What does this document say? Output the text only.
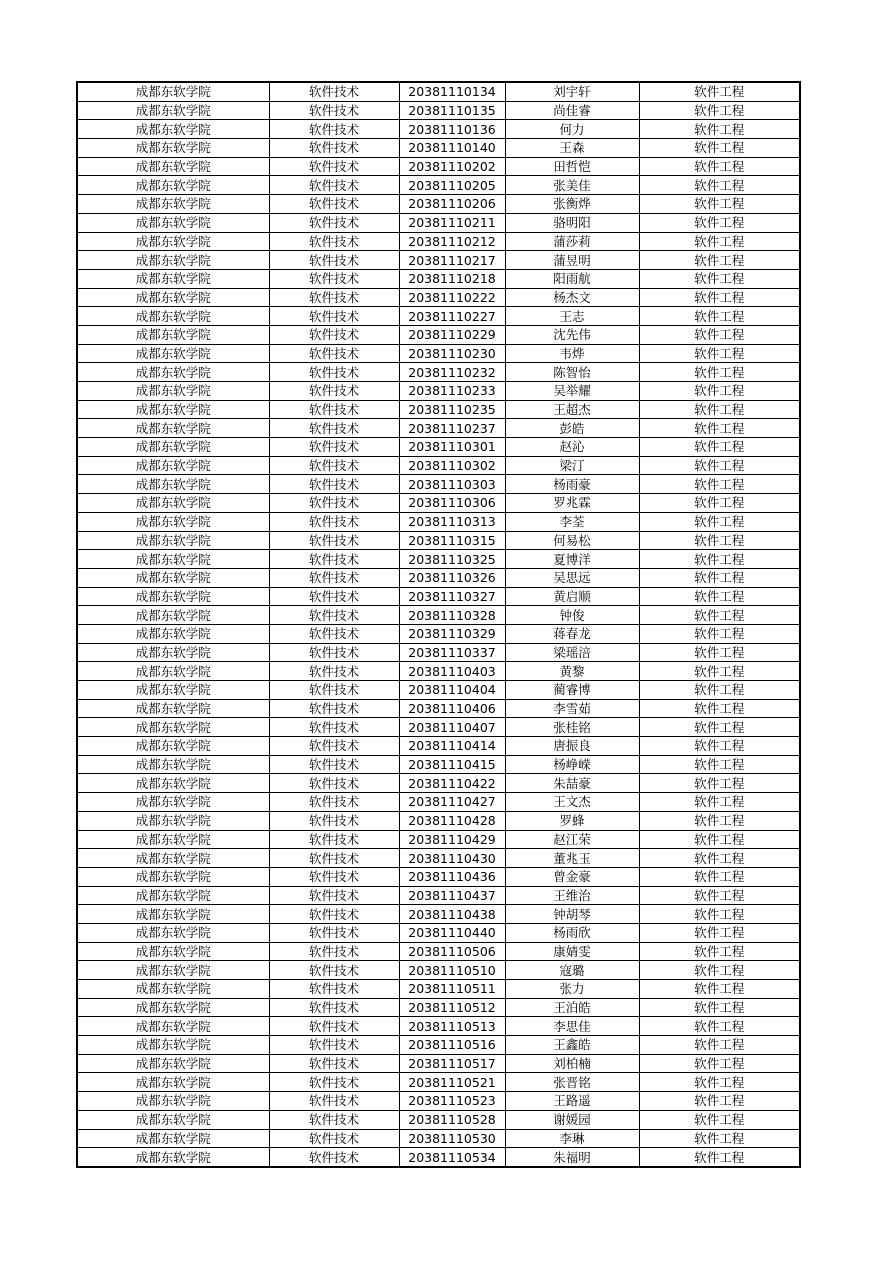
成都东软学院	软件技术	20381110134	刘宇轩	软件工程
成都东软学院	软件技术	20381110135	尚佳睿	软件工程
成都东软学院	软件技术	20381110136	何力	软件工程
成都东软学院	软件技术	20381110140	王森	软件工程
成都东软学院	软件技术	20381110202	田哲恺	软件工程
成都东软学院	软件技术	20381110205	张美佳	软件工程
成都东软学院	软件技术	20381110206	张衡烨	软件工程
成都东软学院	软件技术	20381110211	骆明阳	软件工程
成都东软学院	软件技术	20381110212	蒲莎莉	软件工程
成都东软学院	软件技术	20381110217	蒲昱明	软件工程
成都东软学院	软件技术	20381110218	阳雨航	软件工程
成都东软学院	软件技术	20381110222	杨杰文	软件工程
成都东软学院	软件技术	20381110227	王志	软件工程
成都东软学院	软件技术	20381110229	沈先伟	软件工程
成都东软学院	软件技术	20381110230	韦烨	软件工程
成都东软学院	软件技术	20381110232	陈智怡	软件工程
成都东软学院	软件技术	20381110233	吴举耀	软件工程
成都东软学院	软件技术	20381110235	王超杰	软件工程
成都东软学院	软件技术	20381110237	彭皓	软件工程
成都东软学院	软件技术	20381110301	赵沁	软件工程
成都东软学院	软件技术	20381110302	梁汀	软件工程
成都东软学院	软件技术	20381110303	杨雨豪	软件工程
成都东软学院	软件技术	20381110306	罗兆霖	软件工程
成都东软学院	软件技术	20381110313	李荃	软件工程
成都东软学院	软件技术	20381110315	何易松	软件工程
成都东软学院	软件技术	20381110325	夏博洋	软件工程
成都东软学院	软件技术	20381110326	吴思远	软件工程
成都东软学院	软件技术	20381110327	黄启顺	软件工程
成都东软学院	软件技术	20381110328	钟俊	软件工程
成都东软学院	软件技术	20381110329	蒋春龙	软件工程
成都东软学院	软件技术	20381110337	梁瑶涪	软件工程
成都东软学院	软件技术	20381110403	黄黎	软件工程
成都东软学院	软件技术	20381110404	蔺睿博	软件工程
成都东软学院	软件技术	20381110406	李雪茹	软件工程
成都东软学院	软件技术	20381110407	张桂铭	软件工程
成都东软学院	软件技术	20381110414	唐振良	软件工程
成都东软学院	软件技术	20381110415	杨峥嵘	软件工程
成都东软学院	软件技术	20381110422	朱喆豪	软件工程
成都东软学院	软件技术	20381110427	王文杰	软件工程
成都东软学院	软件技术	20381110428	罗蜂	软件工程
成都东软学院	软件技术	20381110429	赵江荣	软件工程
成都东软学院	软件技术	20381110430	董兆玉	软件工程
成都东软学院	软件技术	20381110436	曾金豪	软件工程
成都东软学院	软件技术	20381110437	王维治	软件工程
成都东软学院	软件技术	20381110438	钟胡琴	软件工程
成都东软学院	软件技术	20381110440	杨雨欣	软件工程
成都东软学院	软件技术	20381110506	康婧雯	软件工程
成都东软学院	软件技术	20381110510	寇璐	软件工程
成都东软学院	软件技术	20381110511	张力	软件工程
成都东软学院	软件技术	20381110512	王泊皓	软件工程
成都东软学院	软件技术	20381110513	李思佳	软件工程
成都东软学院	软件技术	20381110516	王鑫皓	软件工程
成都东软学院	软件技术	20381110517	刘柏楠	软件工程
成都东软学院	软件技术	20381110521	张晋铭	软件工程
成都东软学院	软件技术	20381110523	王路遥	软件工程
成都东软学院	软件技术	20381110528	谢媛园	软件工程
成都东软学院	软件技术	20381110530	李琳	软件工程
成都东软学院	软件技术	20381110534	朱福明	软件工程
